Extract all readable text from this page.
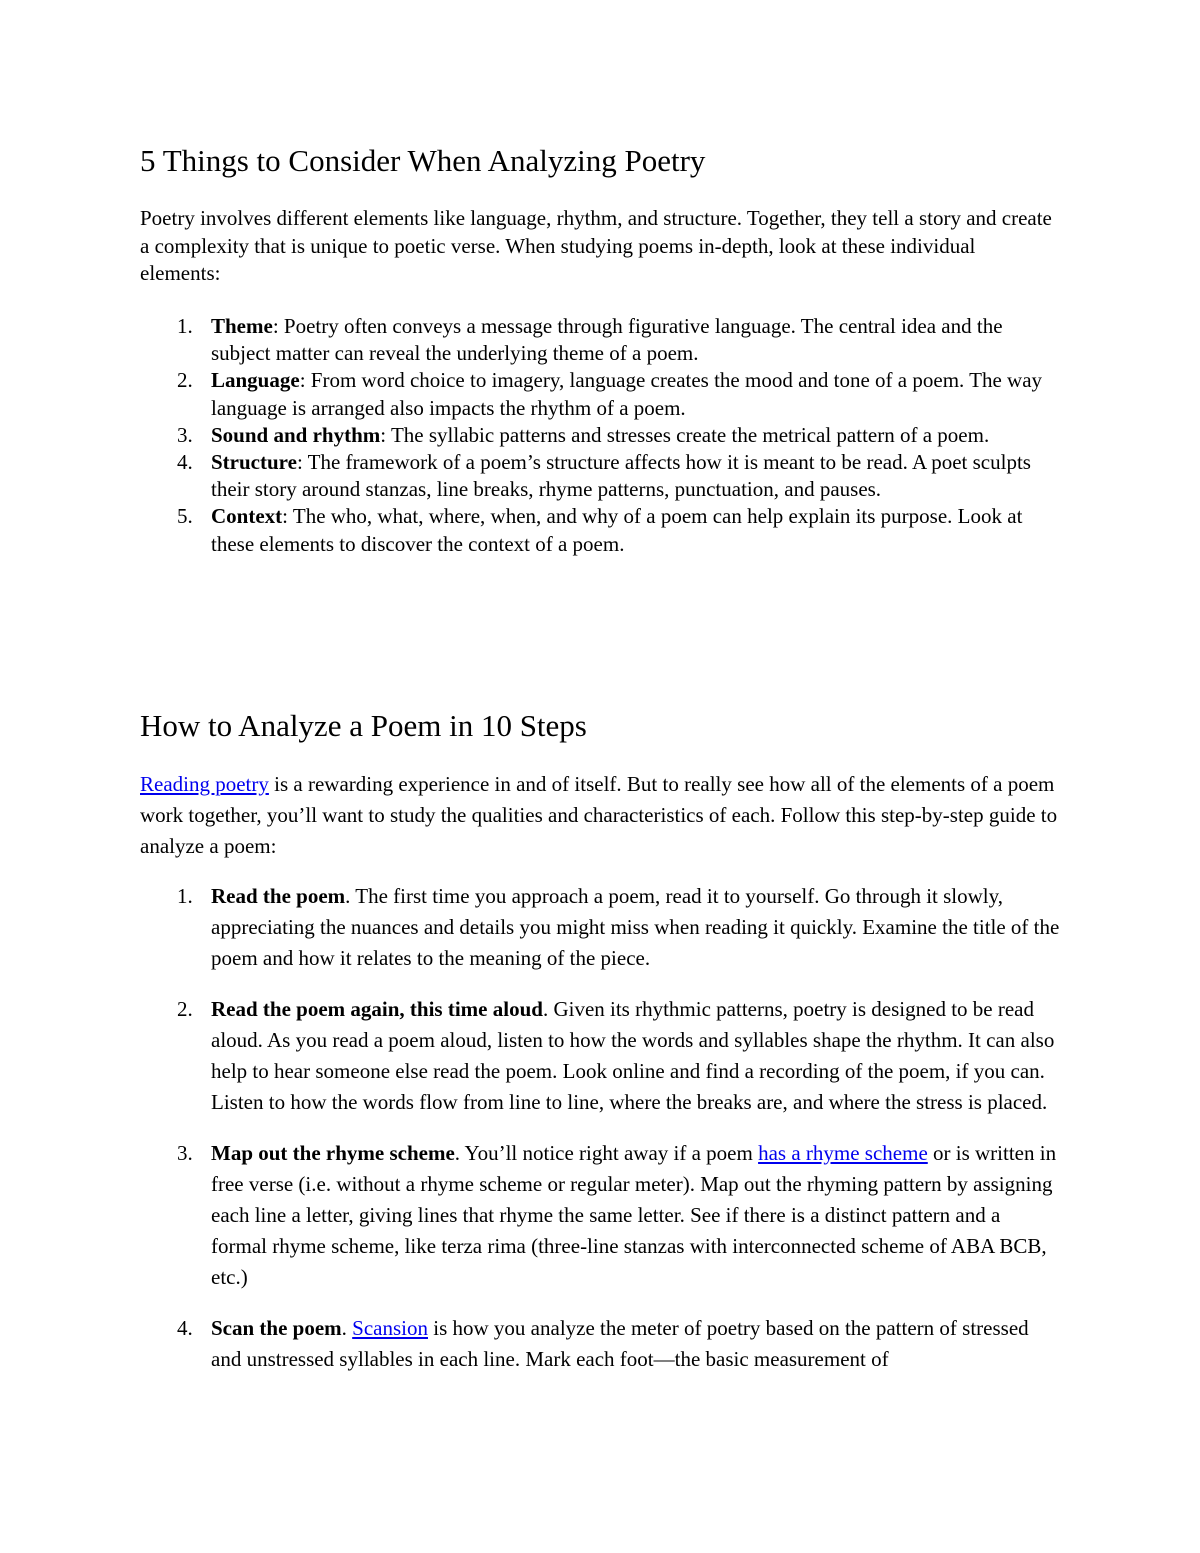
5 Things to Consider When Analyzing Poetry

Poetry involves different elements like language, rhythm, and structure. Together, they tell a story and create a complexity that is unique to poetic verse. When studying poems in-depth, look at these individual elements:

1. Theme: Poetry often conveys a message through figurative language. The central idea and the subject matter can reveal the underlying theme of a poem.
2. Language: From word choice to imagery, language creates the mood and tone of a poem. The way language is arranged also impacts the rhythm of a poem.
3. Sound and rhythm: The syllabic patterns and stresses create the metrical pattern of a poem.
4. Structure: The framework of a poem’s structure affects how it is meant to be read. A poet sculpts their story around stanzas, line breaks, rhyme patterns, punctuation, and pauses.
5. Context: The who, what, where, when, and why of a poem can help explain its purpose. Look at these elements to discover the context of a poem.
How to Analyze a Poem in 10 Steps

Reading poetry is a rewarding experience in and of itself. But to really see how all of the elements of a poem work together, you’ll want to study the qualities and characteristics of each. Follow this step-by-step guide to analyze a poem:

1. Read the poem. The first time you approach a poem, read it to yourself. Go through it slowly, appreciating the nuances and details you might miss when reading it quickly. Examine the title of the poem and how it relates to the meaning of the piece.
2. Read the poem again, this time aloud. Given its rhythmic patterns, poetry is designed to be read aloud. As you read a poem aloud, listen to how the words and syllables shape the rhythm. It can also help to hear someone else read the poem. Look online and find a recording of the poem, if you can. Listen to how the words flow from line to line, where the breaks are, and where the stress is placed.
3. Map out the rhyme scheme. You’ll notice right away if a poem has a rhyme scheme or is written in free verse (i.e. without a rhyme scheme or regular meter). Map out the rhyming pattern by assigning each line a letter, giving lines that rhyme the same letter. See if there is a distinct pattern and a formal rhyme scheme, like terza rima (three-line stanzas with interconnected scheme of ABA BCB, etc.)
4. Scan the poem. Scansion is how you analyze the meter of poetry based on the pattern of stressed and unstressed syllables in each line. Mark each foot—the basic measurement of
